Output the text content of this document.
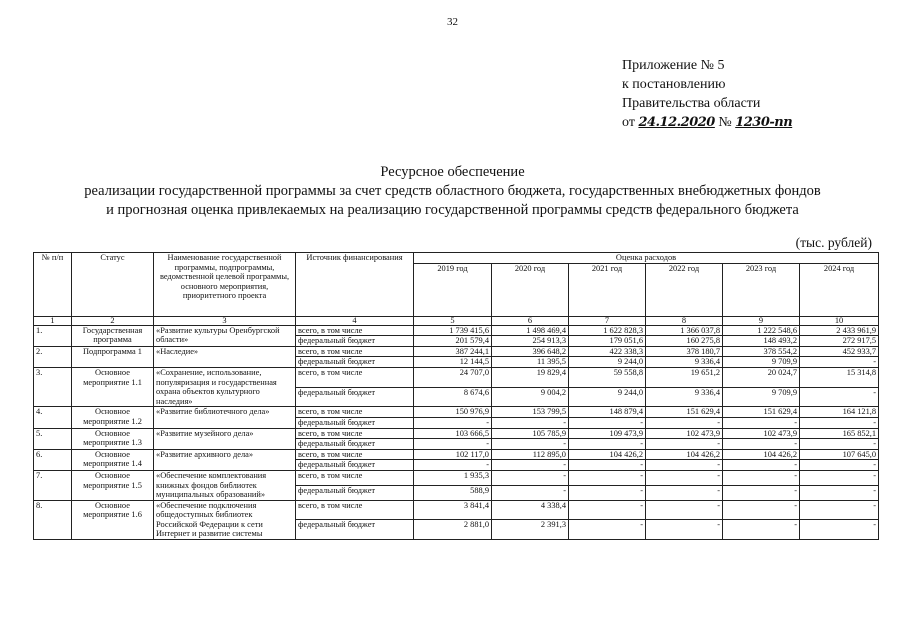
32
Приложение № 5
к постановлению
Правительства области
от 24.12.2020 № 1230-пп
Ресурсное обеспечение
реализации государственной программы за счет средств областного бюджета, государственных внебюджетных фондов
и прогнозная оценка привлекаемых на реализацию государственной программы средств федерального бюджета
(тыс. рублей)
№ п/п	Статус	Наименование государственной программы, подпрограммы, ведомственной целевой программы, основного мероприятия, приоритетного проекта	Источник финансирования	Оценка расходов					
				2019 год	2020 год	2021 год	2022 год	2023 год	2024 год
1	2	3	4	5	6	7	8	9	10
1.	Государственная программа	«Развитие культуры Оренбургской области»	всего, в том числе	1 739 415,6	1 498 469,4	1 622 828,3	1 366 037,8	1 222 548,6	2 433 961,9
			федеральный бюджет	201 579,4	254 913,3	179 051,6	160 275,8	148 493,2	272 917,5
2.	Подпрограмма 1	«Наследие»	всего, в том числе	387 244,1	396 648,2	422 338,3	378 180,7	378 554,2	452 933,7
			федеральный бюджет	12 144,5	11 395,5	9 244,0	9 336,4	9 709,9	-
3.	Основное мероприятие 1.1	«Сохранение, использование, популяризация и государственная охрана объектов культурного наследия»	всего, в том числе	24 707,0	19 829,4	59 558,8	19 651,2	20 024,7	15 314,8
			федеральный бюджет	8 674,6	9 004,2	9 244,0	9 336,4	9 709,9	-
4.	Основное мероприятие 1.2	«Развитие библиотечного дела»	всего, в том числе	150 976,9	153 799,5	148 879,4	151 629,4	151 629,4	164 121,8
			федеральный бюджет	-	-	-	-	-	-
5.	Основное мероприятие 1.3	«Развитие музейного дела»	всего, в том числе	103 666,5	105 785,9	109 473,9	102 473,9	102 473,9	165 852,1
			федеральный бюджет	-	-	-	-	-	-
6.	Основное мероприятие 1.4	«Развитие архивного дела»	всего, в том числе	102 117,0	112 895,0	104 426,2	104 426,2	104 426,2	107 645,0
			федеральный бюджет	-	-	-	-	-	-
7.	Основное мероприятие 1.5	«Обеспечение комплектования книжных фондов библиотек муниципальных образований»	всего, в том числе	1 935,3	-	-	-	-	-
			федеральный бюджет	588,9	-	-	-	-	-
8.	Основное мероприятие 1.6	«Обеспечение подключения общедоступных библиотек Российской Федерации к сети Интернет и развитие системы	всего, в том числе	3 841,4	4 338,4	-	-	-	-
			федеральный бюджет	2 881,0	2 391,3	-	-	-	-
